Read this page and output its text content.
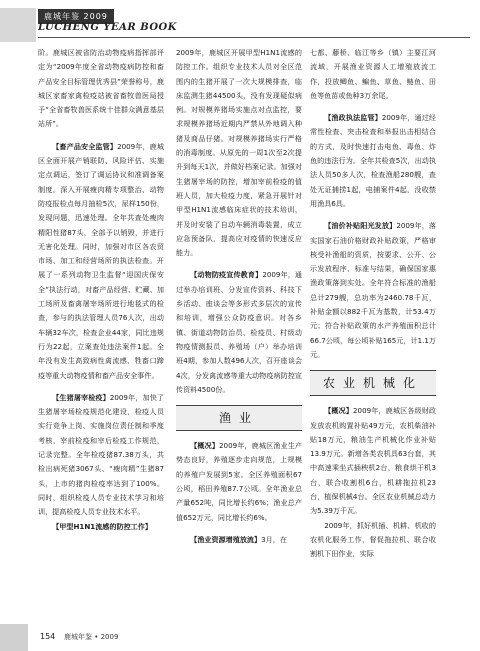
鹿城年鉴 2009
LUCHENG YEAR BOOK

阶。鹿城区被省防治动物疫病指挥部评定为“2009年度全省动物疫病防控和畜产品安全目标管理优秀县”荣誉称号，鹿城区家畜家禽检疫站被省畜牧兽医局授予“全省畜牧兽医系统十佳群众满意基层站所”。

【畜产品安全监管】2009年，鹿城区全面开展产销联防、风险评估、实施定点调运，签订了调运协议和准调备案制度。深入开展瘦肉精专项整治、动物防疫报检点每月抽检5次，尿样150份，发现问题，迅速处理。全年共查处瘦肉精阳性猪87头，全部予以销毁，并进行无害化处理。同时，加强对市区各农贸市场、加工和经营场所的执法检查。开展了一系列动物卫生监督“迎国庆保安全”执法行动，对畜产品经营、贮藏、加工场所及畜禽屠宰场所进行地毯式的检查，参与的执法管理人员76人次，出动车辆32车次，检查企业44家，同比违规行为22起，立案查处违法案件1起。全年没有发生高致病性禽流感、牲畜口蹄疫等重大动物疫情和畜产品安全事件。

【生猪屠宰检疫】2009年，加快了生猪屠宰场检疫规范化建设，检疫人员实行竞争上岗、实施岗位责任制和季度考核，宰前检疫和宰后检疫工作规范，记录完整。全年检疫猪87.38万头，共检出病死猪3067头、“瘦肉精”生猪87头，上市的猪肉检疫率达到了100%。同时，组织检疫人员专业技术学习和培训，提高检疫人员专业技术水平。

【甲型H1N1流感的防控工作】

2009年，鹿城区开展甲型H1N1流感的防控工作。组织专业技术人员对全区范围内的生猪开展了一次大规模排查，临床监测生猪44500头，没有发现疑似病例。对规模养猪场实施点对点监控，要求规模养猪场近期内严禁从外地调入种猪及商品仔猪。对规模养猪场实行严格的消毒制度。从原先的一周1次至2次提升到每天1次，并做好档案记录。加强对生猪屠宰场的防控，增加宰前检疫的值班人员，加大检疫力度，紧急开展针对甲型H1N1流感临床症状的技术培训，并及时安装了自动车辆消毒装置，成立应急预备队，提高应对疫情的快速反应能力。

【动物防疫宣传教育】2009年，通过举办培训班、分发宣传资料、科技下乡活动、座谈会等多形式多层次的宣传和培训，增强公众防疫意识。对各乡镇、街道动物防治员、检疫员、村级动物疫情测报员、养殖场（户）举办培训班4期，参加人数496人次，召开座谈会4次，分发禽流感等重大动物疫病防控宣传资料4500份。

渔业

【概况】2009年，鹿城区渔业生产势态良好，养殖逐步走向规范，上规模的养殖户发展到5家。全区养殖面积67公顷，稻田养殖87.7公顷。全年渔业总产量652吨，同比增长约6%；渔业总产值652万元，同比增长约6%。

【渔业资源增殖放流】3月，在

七都、藤桥、临江等乡（镇）主要江河流域，开展渔业资源人工增殖放流工作，投放鲫鱼、鳊鱼、草鱼、鲢鱼、田鱼等鱼苗或鱼种3万余尾。

【渔政执法监管】2009年，通过经常性检查、突击检查和举报出击相结合的方式，及时快速打击电鱼、毒鱼、炸鱼的违法行为。全年共检查5次，出动执法人员50多人次，检查渔船280艘，查处无证捕捞1起，电捕案件4起，没收禁用渔具6具。

【油价补贴阳光发放】2009年，落实国家石油价格财政补贴政策，严格审核受补渔船的资质，按要求、公开、公示发放程序、标准与结果，确保国家惠渔政策落到实处。全年符合标准的渔船总计279艘，总功率为2460.78千瓦，补贴金额以882千瓦为基数，计53.4万元；符合补贴政策的水产养殖面积总计66.7公顷，每公顷补贴165元，计1.1万元。

农业机械化

【概况】2009年，鹿城区各级财政发放农机购置补贴49万元，农机柴油补贴18万元，粮油生产机械化作业补贴13.9万元。新增各类农机具63台套，其中高速乘坐式插秧机2台，粮食烘干机3台，联合收割机6台，机耕拖拉机23台，植保机械4台。全区农业机械总动力为5.39万千瓦。

2009年，抓好机插、机耕、机收的农机化服务工作，督促拖拉机、联合收割机下田作业，实际

154 鹿城年鉴 • 2009
